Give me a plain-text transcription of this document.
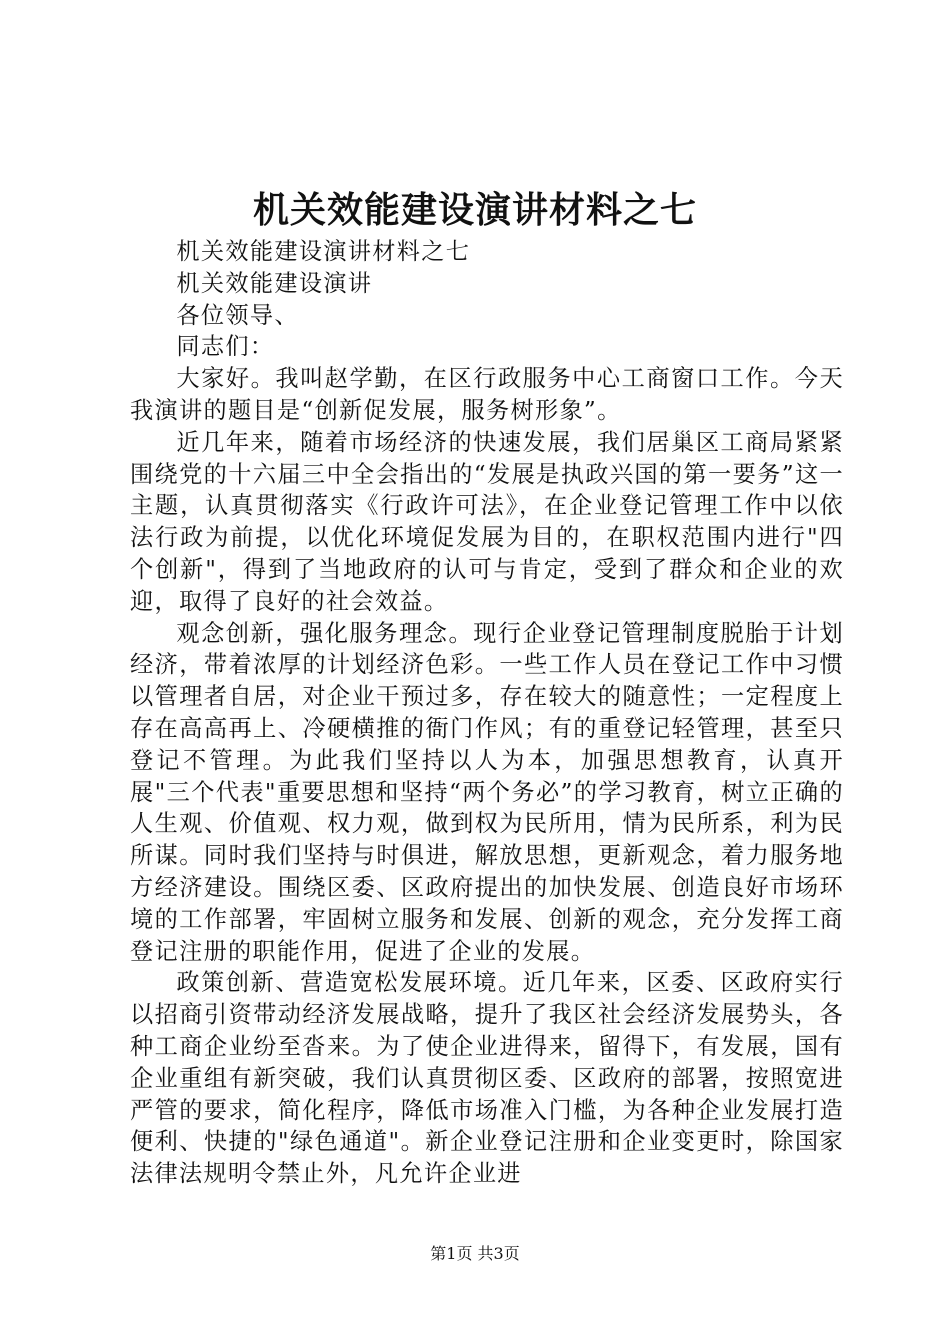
机关效能建设演讲材料之七

机关效能建设演讲材料之七

机关效能建设演讲

各位领导、

同志们：

大家好。我叫赵学勤，在区行政服务中心工商窗口工作。今天我演讲的题目是“创新促发展，服务树形象”。

近几年来，随着市场经济的快速发展，我们居巢区工商局紧紧围绕党的十六届三中全会指出的“发展是执政兴国的第一要务”这一主题，认真贯彻落实《行政许可法》，在企业登记管理工作中以依法行政为前提，以优化环境促发展为目的，在职权范围内进行"四个创新"，得到了当地政府的认可与肯定，受到了群众和企业的欢迎，取得了良好的社会效益。

观念创新，强化服务理念。现行企业登记管理制度脱胎于计划经济，带着浓厚的计划经济色彩。一些工作人员在登记工作中习惯以管理者自居，对企业干预过多，存在较大的随意性；一定程度上存在高高再上、冷硬横推的衙门作风；有的重登记轻管理，甚至只登记不管理。为此我们坚持以人为本，加强思想教育，认真开展"三个代表"重要思想和坚持“两个务必”的学习教育，树立正确的人生观、价值观、权力观，做到权为民所用，情为民所系，利为民所谋。同时我们坚持与时俱进，解放思想，更新观念，着力服务地方经济建设。围绕区委、区政府提出的加快发展、创造良好市场环境的工作部署，牢固树立服务和发展、创新的观念，充分发挥工商登记注册的职能作用，促进了企业的发展。

政策创新、营造宽松发展环境。近几年来，区委、区政府实行以招商引资带动经济发展战略，提升了我区社会经济发展势头，各种工商企业纷至沓来。为了使企业进得来，留得下，有发展，国有企业重组有新突破，我们认真贯彻区委、区政府的部署，按照宽进严管的要求，简化程序，降低市场准入门槛，为各种企业发展打造便利、快捷的"绿色通道"。新企业登记注册和企业变更时，除国家法律法规明令禁止外，凡允许企业进

第1页 共3页
